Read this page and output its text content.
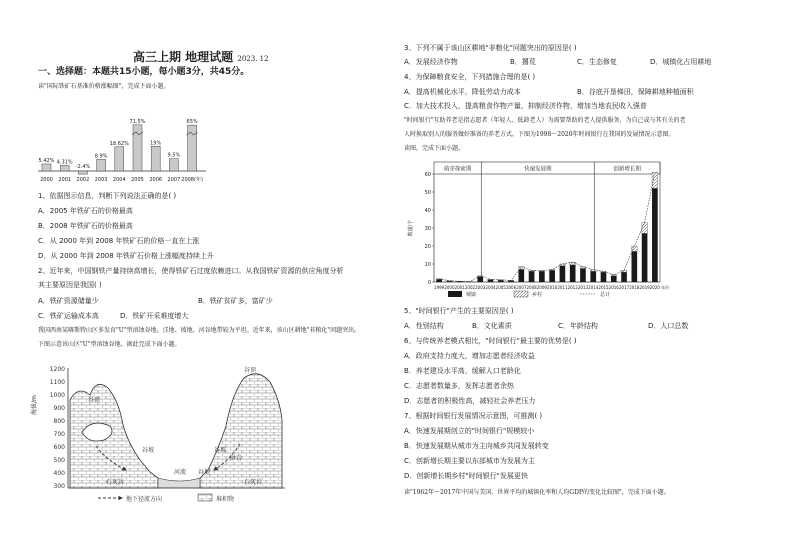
高三上期 地理试题 2023. 12
一、选择题：本题共15小题，每小题3分，共45分。
读"国际铁矿石基准价格涨幅图"，完成下面小题。
5.42%
2000
4.31%
2001
-2.4%
2002
8.9%
2003
18.62%
2004
71.5%
2005
19%
2006
9.5%
2007
65%
2008(年)
1、依据图示信息，判断下列说法正确的是( )
A．2005 年铁矿石的价格最高
B．2008 年铁矿石的价格最高
C．从 2000 年到 2008 年铁矿石的价格一直在上涨
D．从 2000 年到 2008 年铁矿石价格上涨幅度持续上升
2、近年来，中国钢铁产量持续高增长，使得铁矿石过度依赖进口。从我国铁矿资源的供应角度分析
其主要原因是我国( )
A．铁矿资源储量少	B．铁矿贫矿多，富矿少
C．铁矿运输成本高	D．铁矿开采难度增大
我国西南某喀斯特山区多发育"U"型溶蚀谷地。洼地、坡地、河谷地带较为平坦。近年来，该山区耕地"非粮化"问题突出。
下图示意该山区"U"型溶蚀谷地。据此完成下面小题。
1200
1100
1000
900
800
700
600
500
400
300
海拔/m	谷顶
谷顶
谷坡	谷坡
河流 谷地
石灰岩	石灰岩
砂岩
地下径流方向	堆积物
3、下列不属于该山区耕地"非粮化"问题突出的原因是( )
A．发展经济作物	B．撂荒	C．生态修复	D．城镇化占用耕地
4、为保障粮食安全，下列措施合理的是( )
A．提高机械化水平，降低劳动力成本	B．谷底开垦梯田，保障耕地种植面积
C．加大技术投入，提高粮食作物产量，抑制经济作物，增加当地农民收入强普
"时间银行"互助养老是指志愿者（年轻人、低龄老人）为需要帮助的老人提供服务，为自己或与其有关的老
人时换取别人的服务做好准备的养老方式。下图为1998～2020年时间银行在我国的发展情况示意图。
读图，完成下面小题。
萌芽探索期	快速发展期	创新增长期
0
10
20
30
40
50
60
数量/个
1999 2000 2001 2002 2003 2004 2005 2006 2007 2008 2009 2010 2011 2012 2013 2014 2015 2016 2017 2018 2019 2020 年份
城镇	乡村	总计
5、"时间银行"产生的主要原因是( )
A．性别结构	B．文化素质	C．年龄结构	D．人口总数
6、与传统养老模式相比，"时间银行"最主要的优势是( )
A．政府支持力度大，增加志愿者经济收益
B．养老建设水平高，缓解人口老龄化
C．志愿者数量多，发挥志愿者余热
D．志愿者的积极性高，减轻社会养老压力
7、根据时间银行发展情况示意图，可推测( )
A．快速发展期创立的"时间银行"规模较小
B．快速发展期从城市为主向城乡共同发展转变
C．创新增长期主要以东部城市为发展为主
D．创新增长期乡村"时间银行"发展更快
读"1962年～2017年中国与美国、世界平均的城镇化率和人均GDP的变化比较图"，完成下面小题。
